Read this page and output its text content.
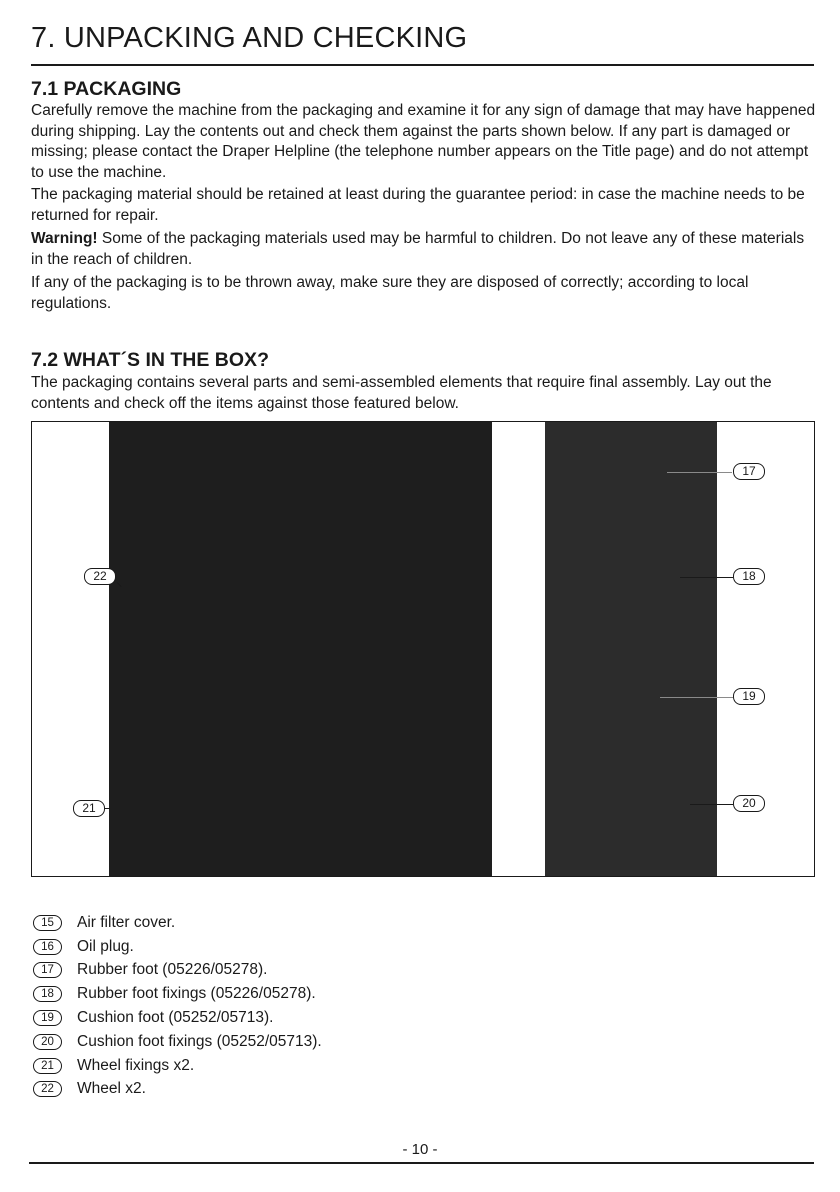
7. UNPACKING AND CHECKING
7.1 PACKAGING

Carefully remove the machine from the packaging and examine it for any sign of damage that may have happened during shipping. Lay the contents out and check them against the parts shown below. If any part is damaged or missing; please contact the Draper Helpline (the telephone number appears on the Title page) and do not attempt to use the machine.

The packaging material should be retained at least during the guarantee period: in case the machine needs to be returned for repair.

Warning! Some of the packaging materials used may be harmful to children. Do not leave any of these materials in the reach of children.

If any of the packaging is to be thrown away, make sure they are disposed of correctly; according to local regulations.

7.2 WHAT´S IN THE BOX?

The packaging contains several parts and semi-assembled elements that require final assembly. Lay out the contents and check off the items against those featured below.

22
21
17
18
19
20
15	Air filter cover.
16	Oil plug.
17	Rubber foot (05226/05278).
18	Rubber foot fixings (05226/05278).
19	Cushion foot (05252/05713).
20	Cushion foot fixings (05252/05713).
21	Wheel fixings x2.
22	Wheel x2.
- 10 -
